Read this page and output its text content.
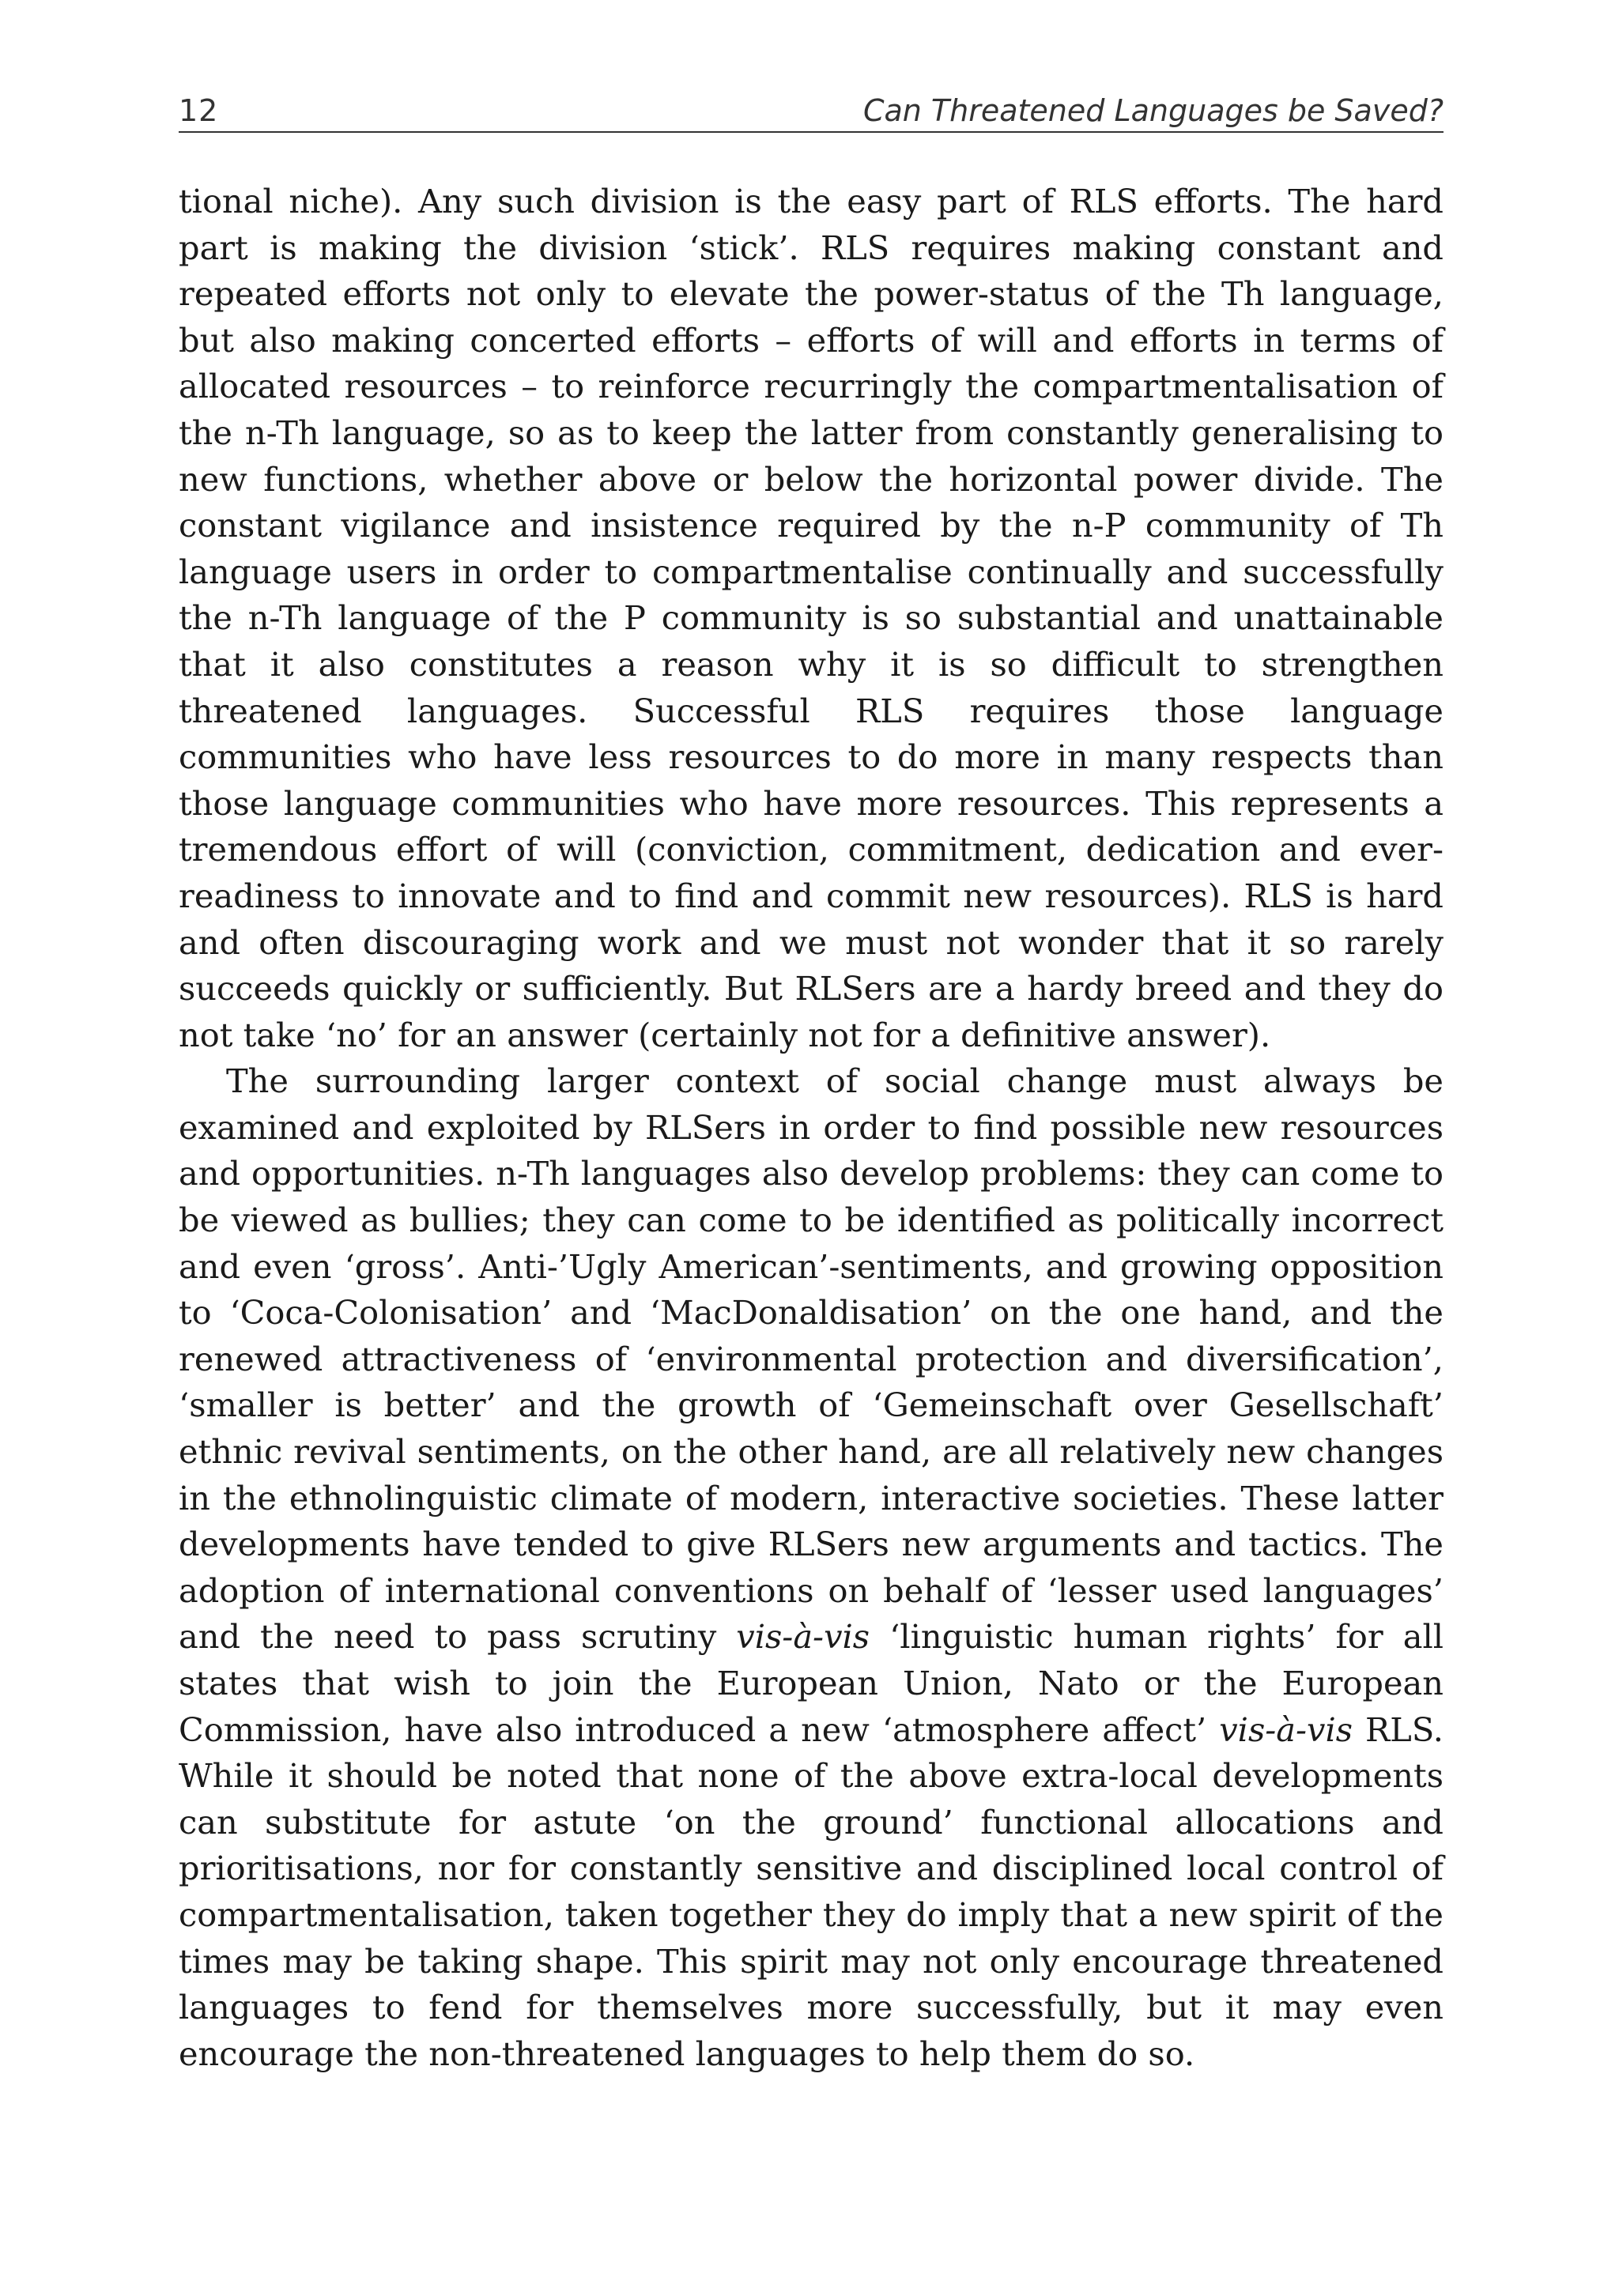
12	Can Threatened Languages be Saved?

tional niche). Any such division is the easy part of RLS efforts. The hard part is making the division ‘stick’. RLS requires making constant and repeated efforts not only to elevate the power-status of the Th language, but also making concerted efforts – efforts of will and efforts in terms of allocated resources – to reinforce recurringly the compartmentalisation of the n-Th language, so as to keep the latter from constantly generalising to new functions, whether above or below the horizontal power divide. The constant vigilance and insistence required by the n-P community of Th language users in order to compartmentalise continually and successfully the n-Th language of the P community is so substantial and unattainable that it also constitutes a reason why it is so difficult to strengthen threatened languages. Successful RLS requires those language communities who have less resources to do more in many respects than those language communities who have more resources. This represents a tremendous effort of will (conviction, commitment, dedication and ever-readiness to innovate and to find and commit new resources). RLS is hard and often discouraging work and we must not wonder that it so rarely succeeds quickly or sufficiently. But RLSers are a hardy breed and they do not take ‘no’ for an answer (certainly not for a definitive answer).

The surrounding larger context of social change must always be examined and exploited by RLSers in order to find possible new resources and opportunities. n-Th languages also develop problems: they can come to be viewed as bullies; they can come to be identified as politically incorrect and even ‘gross’. Anti-’Ugly American’-sentiments, and growing opposition to ‘Coca-Colonisation’ and ‘MacDonaldisation’ on the one hand, and the renewed attractiveness of ‘environmental protection and diversification’, ‘smaller is better’ and the growth of ‘Gemeinschaft over Gesellschaft’ ethnic revival sentiments, on the other hand, are all relatively new changes in the ethnolinguistic climate of modern, interactive societies. These latter developments have tended to give RLSers new arguments and tactics. The adoption of international conventions on behalf of ‘lesser used languages’ and the need to pass scrutiny vis-à-vis ‘linguistic human rights’ for all states that wish to join the European Union, Nato or the European Commission, have also introduced a new ‘atmosphere affect’ vis-à-vis RLS. While it should be noted that none of the above extra-local developments can substitute for astute ‘on the ground’ functional allocations and prioritisations, nor for constantly sensitive and disciplined local control of compartmentalisation, taken together they do imply that a new spirit of the times may be taking shape. This spirit may not only encourage threatened languages to fend for themselves more successfully, but it may even encourage the non-threatened languages to help them do so.
